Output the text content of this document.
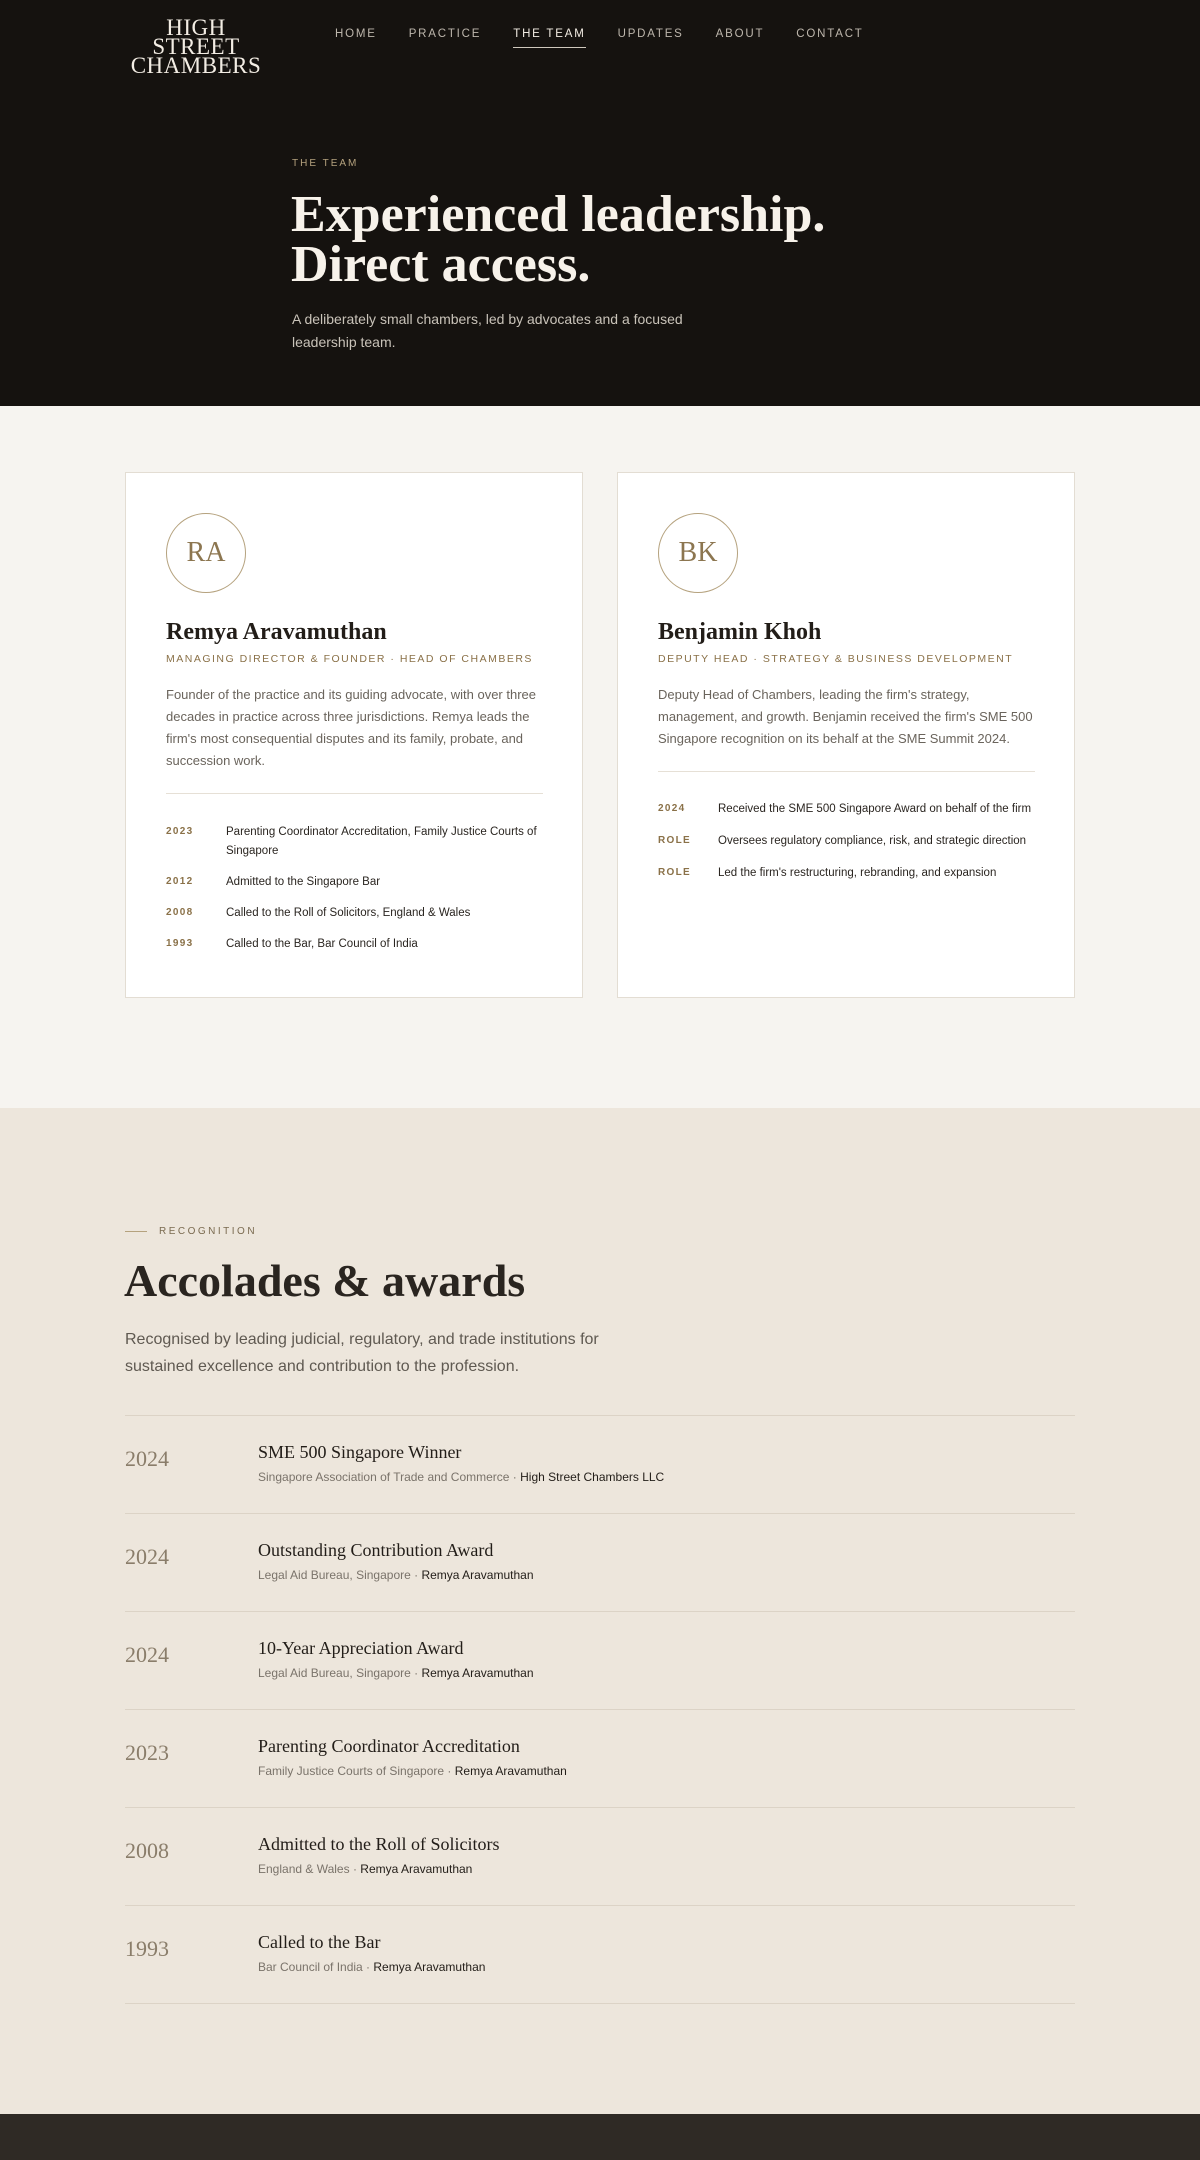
HIGH STREET
CHAMBERS
HOME	PRACTICE	THE TEAM	UPDATES	ABOUT	CONTACT
THE TEAM
Experienced leadership.
Direct access.

A deliberately small chambers, led by advocates and a focused leadership team.

RA
Remya Aravamuthan
MANAGING DIRECTOR & FOUNDER · HEAD OF CHAMBERS

Founder of the practice and its guiding advocate, with over three decades in practice across three jurisdictions. Remya leads the firm's most consequential disputes and its family, probate, and succession work.

2023	Parenting Coordinator Accreditation, Family Justice Courts of Singapore
2012	Admitted to the Singapore Bar
2008	Called to the Roll of Solicitors, England & Wales
1993	Called to the Bar, Bar Council of India
BK
Benjamin Khoh
DEPUTY HEAD · STRATEGY & BUSINESS DEVELOPMENT

Deputy Head of Chambers, leading the firm's strategy, management, and growth. Benjamin received the firm's SME 500 Singapore recognition on its behalf at the SME Summit 2024.

2024	Received the SME 500 Singapore Award on behalf of the firm
ROLE	Oversees regulatory compliance, risk, and strategic direction
ROLE	Led the firm's restructuring, rebranding, and expansion
RECOGNITION
Accolades & awards

Recognised by leading judicial, regulatory, and trade institutions for sustained excellence and contribution to the profession.

2024	SME 500 Singapore Winner
Singapore Association of Trade and Commerce · High Street Chambers LLC
2024	Outstanding Contribution Award
Legal Aid Bureau, Singapore · Remya Aravamuthan
2024	10-Year Appreciation Award
Legal Aid Bureau, Singapore · Remya Aravamuthan
2023	Parenting Coordinator Accreditation
Family Justice Courts of Singapore · Remya Aravamuthan
2008	Admitted to the Roll of Solicitors
England & Wales · Remya Aravamuthan
1993	Called to the Bar
Bar Council of India · Remya Aravamuthan
